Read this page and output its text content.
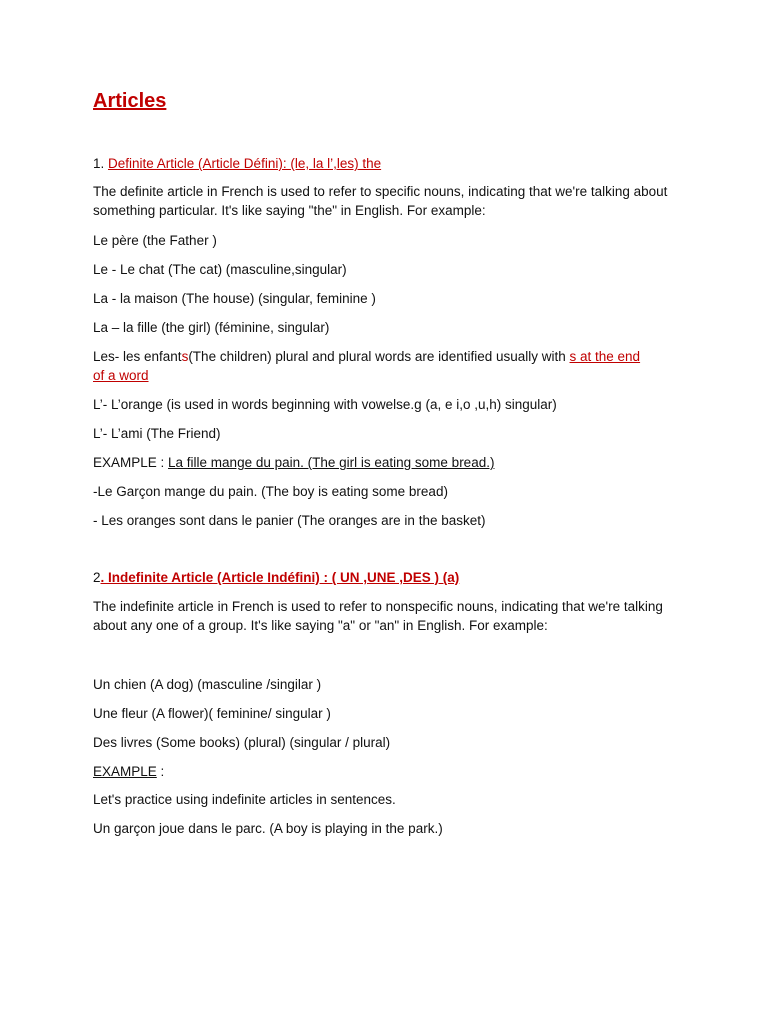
Articles
1. Definite Article (Article Défini): (le, la l’,les) the
The definite article in French is used to refer to specific nouns, indicating that we're talking about something particular. It's like saying "the" in English. For example:
Le père (the Father )
Le - Le chat (The cat) (masculine,singular)
La - la maison (The house) (singular, feminine )
La – la fille (the girl) (féminine, singular)
Les- les enfants(The children) plural and plural words are identified usually with s at the end
of a word
L’- L’orange (is used in words beginning with vowelse.g (a, e i,o ,u,h) singular)
L’- L’ami (The Friend)
EXAMPLE : La fille mange du pain. (The girl is eating some bread.)
-Le Garçon mange du pain. (The boy is eating some bread)
- Les oranges sont dans le panier (The oranges are in the basket)
2. Indefinite Article (Article Indéfini) : ( UN ,UNE ,DES ) (a)
The indefinite article in French is used to refer to nonspecific nouns, indicating that we're talking about any one of a group. It's like saying "a" or "an" in English. For example:
Un chien (A dog) (masculine /singilar )
Une fleur (A flower)( feminine/ singular )
Des livres (Some books) (plural) (singular / plural)
EXAMPLE :
Let's practice using indefinite articles in sentences.
Un garçon joue dans le parc. (A boy is playing in the park.)
